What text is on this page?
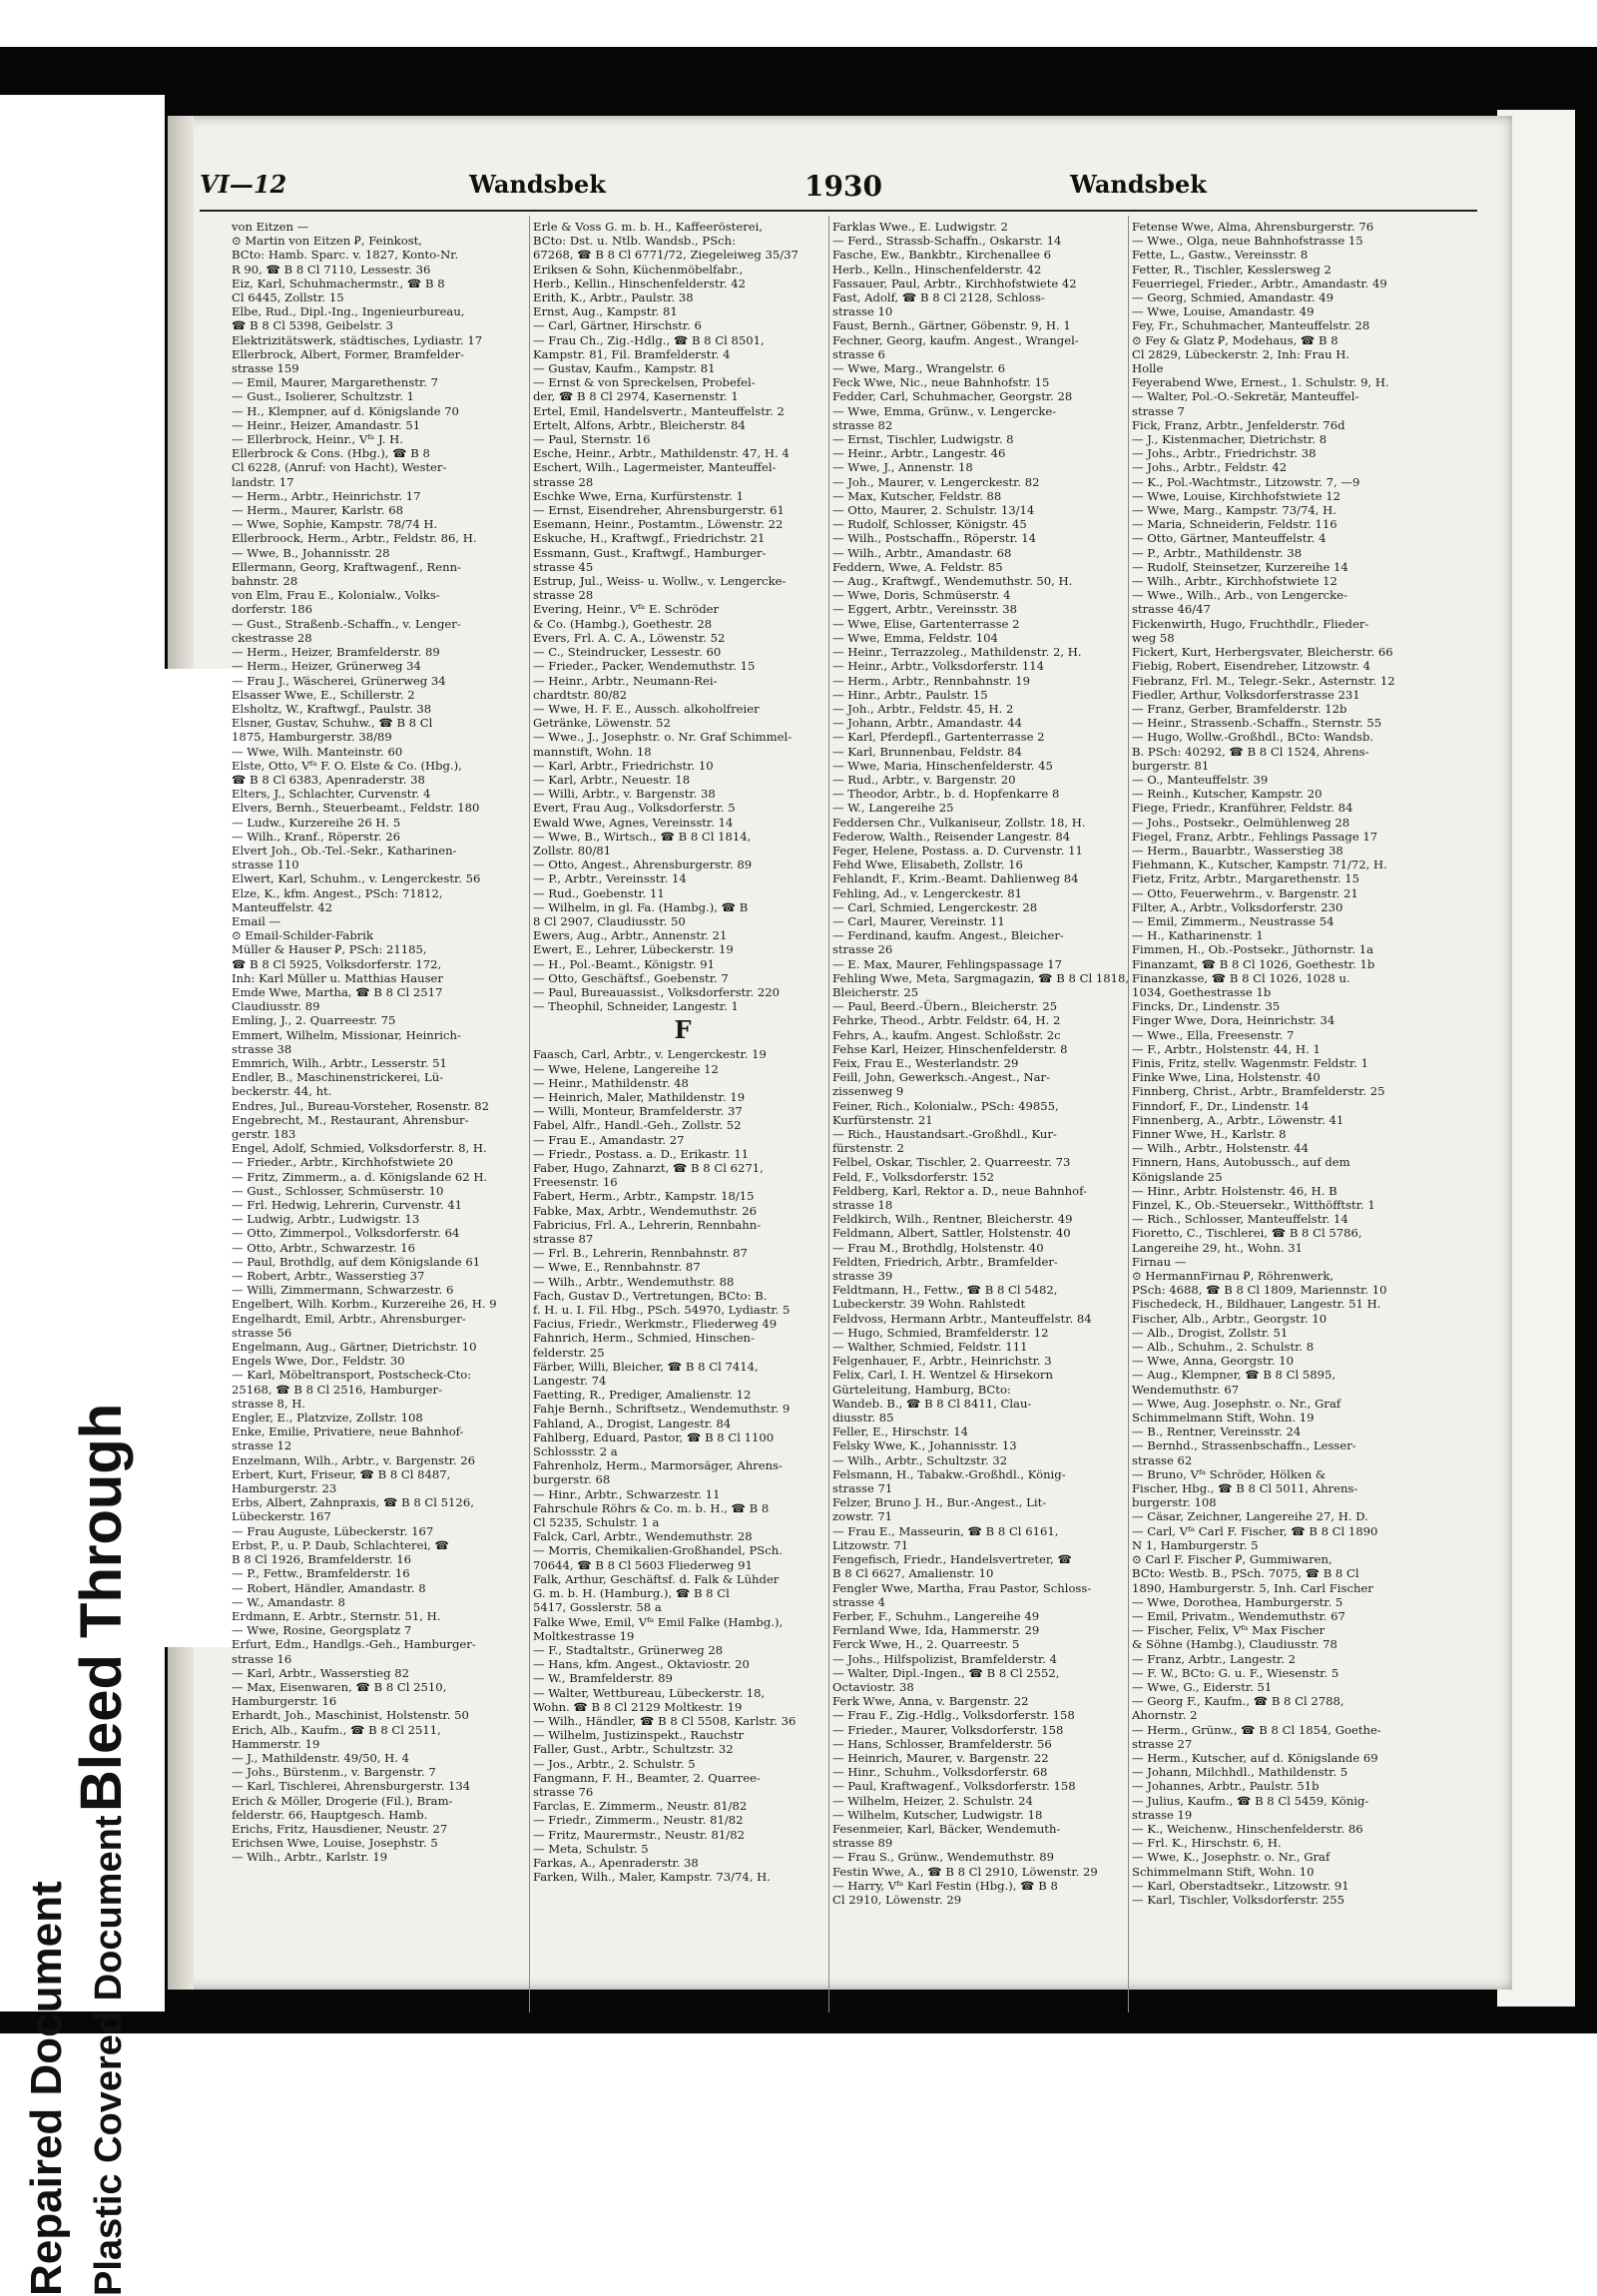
Repaired Document Plastic Covered Document
Bleed Through
VI—12	Wandsbek	1930	Wandsbek
von Eitzen —
⊙ Martin von Eitzen Ꝑ, Feinkost,
BCto: Hamb. Sparc. v. 1827, Konto-Nr.
R 90, ☎ B 8 Cl 7110, Lessestr. 36
Eiz, Karl, Schuhmachermstr., ☎ B 8
Cl 6445, Zollstr. 15
Elbe, Rud., Dipl.-Ing., Ingenieurbureau,
☎ B 8 Cl 5398, Geibelstr. 3
Elektrizitätswerk, städtisches, Lydiastr. 17
Ellerbrock, Albert, Former, Bramfelder-
strasse 159
— Emil, Maurer, Margarethenstr. 7
— Gust., Isolierer, Schultzstr. 1
— H., Klempner, auf d. Königslande 70
— Heinr., Heizer, Amandastr. 51
— Ellerbrock, Heinr., Vᶠᵃ J. H.
Ellerbrock & Cons. (Hbg.), ☎ B 8
Cl 6228, (Anruf: von Hacht), Wester-
landstr. 17
— Herm., Arbtr., Heinrichstr. 17
— Herm., Maurer, Karlstr. 68
— Wwe, Sophie, Kampstr. 78/74 H.
Ellerbroock, Herm., Arbtr., Feldstr. 86, H.
— Wwe, B., Johannisstr. 28
Ellermann, Georg, Kraftwagenf., Renn-
bahnstr. 28
von Elm, Frau E., Kolonialw., Volks-
dorferstr. 186
— Gust., Straßenb.-Schaffn., v. Lenger-
ckestrasse 28
— Herm., Heizer, Bramfelderstr. 89
— Herm., Heizer, Grünerweg 34
— Frau J., Wäscherei, Grünerweg 34
Elsasser Wwe, E., Schillerstr. 2
Elsholtz, W., Kraftwgf., Paulstr. 38
Elsner, Gustav, Schuhw., ☎ B 8 Cl
1875, Hamburgerstr. 38/89
— Wwe, Wilh. Manteinstr. 60
Elste, Otto, Vᶠᵃ F. O. Elste & Co. (Hbg.),
☎ B 8 Cl 6383, Apenraderstr. 38
Elters, J., Schlachter, Curvenstr. 4
Elvers, Bernh., Steuerbeamt., Feldstr. 180
— Ludw., Kurzereihe 26 H. 5
— Wilh., Kranf., Röperstr. 26
Elvert Joh., Ob.-Tel.-Sekr., Katharinen-
strasse 110
Elwert, Karl, Schuhm., v. Lengerckestr. 56
Elze, K., kfm. Angest., PSch: 71812,
Manteuffelstr. 42
Email —
⊙ Email-Schilder-Fabrik
Müller & Hauser Ꝑ, PSch: 21185,
☎ B 8 Cl 5925, Volksdorferstr. 172,
Inh: Karl Müller u. Matthias Hauser
Emde Wwe, Martha, ☎ B 8 Cl 2517
Claudiusstr. 89
Emling, J., 2. Quarreestr. 75
Emmert, Wilhelm, Missionar, Heinrich-
strasse 38
Emmrich, Wilh., Arbtr., Lesserstr. 51
Endler, B., Maschinenstrickerei, Lü-
beckerstr. 44, ht.
Endres, Jul., Bureau-Vorsteher, Rosenstr. 82
Engebrecht, M., Restaurant, Ahrensbur-
gerstr. 183
Engel, Adolf, Schmied, Volksdorferstr. 8, H.
— Frieder., Arbtr., Kirchhofstwiete 20
— Fritz, Zimmerm., a. d. Königslande 62 H.
— Gust., Schlosser, Schmüserstr. 10
— Frl. Hedwig, Lehrerin, Curvenstr. 41
— Ludwig, Arbtr., Ludwigstr. 13
— Otto, Zimmerpol., Volksdorferstr. 64
— Otto, Arbtr., Schwarzestr. 16
— Paul, Brothdlg, auf dem Königslande 61
— Robert, Arbtr., Wasserstieg 37
— Willi, Zimmermann, Schwarzestr. 6
Engelbert, Wilh. Korbm., Kurzereihe 26, H. 9
Engelhardt, Emil, Arbtr., Ahrensburger-
strasse 56
Engelmann, Aug., Gärtner, Dietrichstr. 10
Engels Wwe, Dor., Feldstr. 30
— Karl, Möbeltransport, Postscheck-Cto:
25168, ☎ B 8 Cl 2516, Hamburger-
strasse 8, H.
Engler, E., Platzvize, Zollstr. 108
Enke, Emilie, Privatiere, neue Bahnhof-
strasse 12
Enzelmann, Wilh., Arbtr., v. Bargenstr. 26
Erbert, Kurt, Friseur, ☎ B 8 Cl 8487,
Hamburgerstr. 23
Erbs, Albert, Zahnpraxis, ☎ B 8 Cl 5126,
Lübeckerstr. 167
— Frau Auguste, Lübeckerstr. 167
Erbst, P., u. P. Daub, Schlachterei, ☎
B 8 Cl 1926, Bramfelderstr. 16
— P., Fettw., Bramfelderstr. 16
— Robert, Händler, Amandastr. 8
— W., Amandastr. 8
Erdmann, E. Arbtr., Sternstr. 51, H.
— Wwe, Rosine, Georgsplatz 7
Erfurt, Edm., Handlgs.-Geh., Hamburger-
strasse 16
— Karl, Arbtr., Wasserstieg 82
— Max, Eisenwaren, ☎ B 8 Cl 2510,
Hamburgerstr. 16
Erhardt, Joh., Maschinist, Holstenstr. 50
Erich, Alb., Kaufm., ☎ B 8 Cl 2511,
Hammerstr. 19
— J., Mathildenstr. 49/50, H. 4
— Johs., Bürstenm., v. Bargenstr. 7
— Karl, Tischlerei, Ahrensburgerstr. 134
Erich & Möller, Drogerie (Fil.), Bram-
felderstr. 66, Hauptgesch. Hamb.
Erichs, Fritz, Hausdiener, Neustr. 27
Erichsen Wwe, Louise, Josephstr. 5
— Wilh., Arbtr., Karlstr. 19
Erle & Voss G. m. b. H., Kaffeerösterei,
BCto: Dst. u. Ntlb. Wandsb., PSch:
67268, ☎ B 8 Cl 6771/72, Ziegeleiweg 35/37
Eriksen & Sohn, Küchenmöbelfabr.,
Herb., Kellin., Hinschenfelderstr. 42
Erith, K., Arbtr., Paulstr. 38
Ernst, Aug., Kampstr. 81
— Carl, Gärtner, Hirschstr. 6
— Frau Ch., Zig.-Hdlg., ☎ B 8 Cl 8501,
Kampstr. 81, Fil. Bramfelderstr. 4
— Gustav, Kaufm., Kampstr. 81
— Ernst & von Spreckelsen, Probefel-
der, ☎ B 8 Cl 2974, Kasernenstr. 1
Ertel, Emil, Handelsvertr., Manteuffelstr. 2
Ertelt, Alfons, Arbtr., Bleicherstr. 84
— Paul, Sternstr. 16
Esche, Heinr., Arbtr., Mathildenstr. 47, H. 4
Eschert, Wilh., Lagermeister, Manteuffel-
strasse 28
Eschke Wwe, Erna, Kurfürstenstr. 1
— Ernst, Eisendreher, Ahrensburgerstr. 61
Esemann, Heinr., Postamtm., Löwenstr. 22
Eskuche, H., Kraftwgf., Friedrichstr. 21
Essmann, Gust., Kraftwgf., Hamburger-
strasse 45
Estrup, Jul., Weiss- u. Wollw., v. Lengercke-
strasse 28
Evering, Heinr., Vᶠᵃ E. Schröder
& Co. (Hambg.), Goethestr. 28
Evers, Frl. A. C. A., Löwenstr. 52
— C., Steindrucker, Lessestr. 60
— Frieder., Packer, Wendemuthstr. 15
— Heinr., Arbtr., Neumann-Rei-
chardtstr. 80/82
— Wwe, H. F. E., Aussch. alkoholfreier
Getränke, Löwenstr. 52
— Wwe., J., Josephstr. o. Nr. Graf Schimmel-
mannstift, Wohn. 18
— Karl, Arbtr., Friedrichstr. 10
— Karl, Arbtr., Neuestr. 18
— Willi, Arbtr., v. Bargenstr. 38
Evert, Frau Aug., Volksdorferstr. 5
Ewald Wwe, Agnes, Vereinsstr. 14
— Wwe, B., Wirtsch., ☎ B 8 Cl 1814,
Zollstr. 80/81
— Otto, Angest., Ahrensburgerstr. 89
— P., Arbtr., Vereinsstr. 14
— Rud., Goebenstr. 11
— Wilhelm, in gl. Fa. (Hambg.), ☎ B
8 Cl 2907, Claudiusstr. 50
Ewers, Aug., Arbtr., Annenstr. 21
Ewert, E., Lehrer, Lübeckerstr. 19
— H., Pol.-Beamt., Königstr. 91
— Otto, Geschäftsf., Goebenstr. 7
— Paul, Bureauassist., Volksdorferstr. 220
— Theophil, Schneider, Langestr. 1
F
Faasch, Carl, Arbtr., v. Lengerckestr. 19
— Wwe, Helene, Langereihe 12
— Heinr., Mathildenstr. 48
— Heinrich, Maler, Mathildenstr. 19
— Willi, Monteur, Bramfelderstr. 37
Fabel, Alfr., Handl.-Geh., Zollstr. 52
— Frau E., Amandastr. 27
— Friedr., Postass. a. D., Erikastr. 11
Faber, Hugo, Zahnarzt, ☎ B 8 Cl 6271,
Freesenstr. 16
Fabert, Herm., Arbtr., Kampstr. 18/15
Fabke, Max, Arbtr., Wendemuthstr. 26
Fabricius, Frl. A., Lehrerin, Rennbahn-
strasse 87
— Frl. B., Lehrerin, Rennbahnstr. 87
— Wwe, E., Rennbahnstr. 87
— Wilh., Arbtr., Wendemuthstr. 88
Fach, Gustav D., Vertretungen, BCto: B.
f. H. u. I. Fil. Hbg., PSch. 54970, Lydiastr. 5
Facius, Friedr., Werkmstr., Fliederweg 49
Fahnrich, Herm., Schmied, Hinschen-
felderstr. 25
Färber, Willi, Bleicher, ☎ B 8 Cl 7414,
Langestr. 74
Faetting, R., Prediger, Amalienstr. 12
Fahje Bernh., Schriftsetz., Wendemuthstr. 9
Fahland, A., Drogist, Langestr. 84
Fahlberg, Eduard, Pastor, ☎ B 8 Cl 1100
Schlossstr. 2 a
Fahrenholz, Herm., Marmorsäger, Ahrens-
burgerstr. 68
— Hinr., Arbtr., Schwarzestr. 11
Fahrschule Röhrs & Co. m. b. H., ☎ B 8
Cl 5235, Schulstr. 1 a
Falck, Carl, Arbtr., Wendemuthstr. 28
— Morris, Chemikalien-Großhandel, PSch.
70644, ☎ B 8 Cl 5603 Fliederweg 91
Falk, Arthur, Geschäftsf. d. Falk & Lühder
G. m. b. H. (Hamburg.), ☎ B 8 Cl
5417, Gosslerstr. 58 a
Falke Wwe, Emil, Vᶠᵃ Emil Falke (Hambg.),
Moltkestrasse 19
— F., Stadtaltstr., Grünerweg 28
— Hans, kfm. Angest., Oktaviostr. 20
— W., Bramfelderstr. 89
— Walter, Wettbureau, Lübeckerstr. 18,
Wohn. ☎ B 8 Cl 2129 Moltkestr. 19
— Wilh., Händler, ☎ B 8 Cl 5508, Karlstr. 36
— Wilhelm, Justizinspekt., Rauchstr
Faller, Gust., Arbtr., Schultzstr. 32
— Jos., Arbtr., 2. Schulstr. 5
Fangmann, F. H., Beamter, 2. Quarree-
strasse 76
Farclas, E. Zimmerm., Neustr. 81/82
— Friedr., Zimmerm., Neustr. 81/82
— Fritz, Maurermstr., Neustr. 81/82
— Meta, Schulstr. 5
Farkas, A., Apenraderstr. 38
Farken, Wilh., Maler, Kampstr. 73/74, H.
Farklas Wwe., E. Ludwigstr. 2
— Ferd., Strassb-Schaffn., Oskarstr. 14
Fasche, Ew., Bankbtr., Kirchenallee 6
Herb., Kelln., Hinschenfelderstr. 42
Fassauer, Paul, Arbtr., Kirchhofstwiete 42
Fast, Adolf, ☎ B 8 Cl 2128, Schloss-
strasse 10
Faust, Bernh., Gärtner, Göbenstr. 9, H. 1
Fechner, Georg, kaufm. Angest., Wrangel-
strasse 6
— Wwe, Marg., Wrangelstr. 6
Feck Wwe, Nic., neue Bahnhofstr. 15
Fedder, Carl, Schuhmacher, Georgstr. 28
— Wwe, Emma, Grünw., v. Lengercke-
strasse 82
— Ernst, Tischler, Ludwigstr. 8
— Heinr., Arbtr., Langestr. 46
— Wwe, J., Annenstr. 18
— Joh., Maurer, v. Lengerckestr. 82
— Max, Kutscher, Feldstr. 88
— Otto, Maurer, 2. Schulstr. 13/14
— Rudolf, Schlosser, Königstr. 45
— Wilh., Postschaffn., Röperstr. 14
— Wilh., Arbtr., Amandastr. 68
Feddern, Wwe, A. Feldstr. 85
— Aug., Kraftwgf., Wendemuthstr. 50, H.
— Wwe, Doris, Schmüserstr. 4
— Eggert, Arbtr., Vereinsstr. 38
— Wwe, Elise, Gartenterrasse 2
— Wwe, Emma, Feldstr. 104
— Heinr., Terrazzoleg., Mathildenstr. 2, H.
— Heinr., Arbtr., Volksdorferstr. 114
— Herm., Arbtr., Rennbahnstr. 19
— Hinr., Arbtr., Paulstr. 15
— Joh., Arbtr., Feldstr. 45, H. 2
— Johann, Arbtr., Amandastr. 44
— Karl, Pferdepfl., Gartenterrasse 2
— Karl, Brunnenbau, Feldstr. 84
— Wwe, Maria, Hinschenfelderstr. 45
— Rud., Arbtr., v. Bargenstr. 20
— Theodor, Arbtr., b. d. Hopfenkarre 8
— W., Langereihe 25
Feddersen Chr., Vulkaniseur, Zollstr. 18, H.
Federow, Walth., Reisender Langestr. 84
Feger, Helene, Postass. a. D. Curvenstr. 11
Fehd Wwe, Elisabeth, Zollstr. 16
Fehlandt, F., Krim.-Beamt. Dahlienweg 84
Fehling, Ad., v. Lengerckestr. 81
— Carl, Schmied, Lengerckestr. 28
— Carl, Maurer, Vereinstr. 11
— Ferdinand, kaufm. Angest., Bleicher-
strasse 26
— E. Max, Maurer, Fehlingspassage 17
Fehling Wwe, Meta, Sargmagazin, ☎ B 8 Cl 1818,
Bleicherstr. 25
— Paul, Beerd.-Übern., Bleicherstr. 25
Fehrke, Theod., Arbtr. Feldstr. 64, H. 2
Fehrs, A., kaufm. Angest. Schloßstr. 2c
Fehse Karl, Heizer, Hinschenfelderstr. 8
Feix, Frau E., Westerlandstr. 29
Feill, John, Gewerksch.-Angest., Nar-
zissenweg 9
Feiner, Rich., Kolonialw., PSch: 49855,
Kurfürstenstr. 21
— Rich., Haustandsart.-Großhdl., Kur-
fürstenstr. 2
Felbel, Oskar, Tischler, 2. Quarreestr. 73
Feld, F., Volksdorferstr. 152
Feldberg, Karl, Rektor a. D., neue Bahnhof-
strasse 18
Feldkirch, Wilh., Rentner, Bleicherstr. 49
Feldmann, Albert, Sattler, Holstenstr. 40
— Frau M., Brothdlg, Holstenstr. 40
Feldten, Friedrich, Arbtr., Bramfelder-
strasse 39
Feldtmann, H., Fettw., ☎ B 8 Cl 5482,
Lubeckerstr. 39 Wohn. Rahlstedt
Feldvoss, Hermann Arbtr., Manteuffelstr. 84
— Hugo, Schmied, Bramfelderstr. 12
— Walther, Schmied, Feldstr. 111
Felgenhauer, F., Arbtr., Heinrichstr. 3
Felix, Carl, I. H. Wentzel & Hirsekorn
Gürteleitung, Hamburg, BCto:
Wandeb. B., ☎ B 8 Cl 8411, Clau-
diusstr. 85
Feller, E., Hirschstr. 14
Felsky Wwe, K., Johannisstr. 13
— Wilh., Arbtr., Schultzstr. 32
Felsmann, H., Tabakw.-Großhdl., König-
strasse 71
Felzer, Bruno J. H., Bur.-Angest., Lit-
zowstr. 71
— Frau E., Masseurin, ☎ B 8 Cl 6161,
Litzowstr. 71
Fengefisch, Friedr., Handelsvertreter, ☎
B 8 Cl 6627, Amalienstr. 10
Fengler Wwe, Martha, Frau Pastor, Schloss-
strasse 4
Ferber, F., Schuhm., Langereihe 49
Fernland Wwe, Ida, Hammerstr. 29
Ferck Wwe, H., 2. Quarreestr. 5
— Johs., Hilfspolizist, Bramfelderstr. 4
— Walter, Dipl.-Ingen., ☎ B 8 Cl 2552,
Octaviostr. 38
Ferk Wwe, Anna, v. Bargenstr. 22
— Frau F., Zig.-Hdlg., Volksdorferstr. 158
— Frieder., Maurer, Volksdorferstr. 158
— Hans, Schlosser, Bramfelderstr. 56
— Heinrich, Maurer, v. Bargenstr. 22
— Hinr., Schuhm., Volksdorferstr. 68
— Paul, Kraftwagenf., Volksdorferstr. 158
— Wilhelm, Heizer, 2. Schulstr. 24
— Wilhelm, Kutscher, Ludwigstr. 18
Fesenmeier, Karl, Bäcker, Wendemuth-
strasse 89
— Frau S., Grünw., Wendemuthstr. 89
Festin Wwe, A., ☎ B 8 Cl 2910, Löwenstr. 29
— Harry, Vᶠᵃ Karl Festin (Hbg.), ☎ B 8
Cl 2910, Löwenstr. 29
Fetense Wwe, Alma, Ahrensburgerstr. 76
— Wwe., Olga, neue Bahnhofstrasse 15
Fette, L., Gastw., Vereinsstr. 8
Fetter, R., Tischler, Kesslersweg 2
Feuerriegel, Frieder., Arbtr., Amandastr. 49
— Georg, Schmied, Amandastr. 49
— Wwe, Louise, Amandastr. 49
Fey, Fr., Schuhmacher, Manteuffelstr. 28
⊙ Fey & Glatz Ꝑ, Modehaus, ☎ B 8
Cl 2829, Lübeckerstr. 2, Inh: Frau H.
Holle
Feyerabend Wwe, Ernest., 1. Schulstr. 9, H.
— Walter, Pol.-O.-Sekretär, Manteuffel-
strasse 7
Fick, Franz, Arbtr., Jenfelderstr. 76d
— J., Kistenmacher, Dietrichstr. 8
— Johs., Arbtr., Friedrichstr. 38
— Johs., Arbtr., Feldstr. 42
— K., Pol.-Wachtmstr., Litzowstr. 7, —9
— Wwe, Louise, Kirchhofstwiete 12
— Wwe, Marg., Kampstr. 73/74, H.
— Maria, Schneiderin, Feldstr. 116
— Otto, Gärtner, Manteuffelstr. 4
— P., Arbtr., Mathildenstr. 38
— Rudolf, Steinsetzer, Kurzereihe 14
— Wilh., Arbtr., Kirchhofstwiete 12
— Wwe., Wilh., Arb., von Lengercke-
strasse 46/47
Fickenwirth, Hugo, Fruchthdlr., Flieder-
weg 58
Fickert, Kurt, Herbergsvater, Bleicherstr. 66
Fiebig, Robert, Eisendreher, Litzowstr. 4
Fiebranz, Frl. M., Telegr.-Sekr., Asternstr. 12
Fiedler, Arthur, Volksdorferstrasse 231
— Franz, Gerber, Bramfelderstr. 12b
— Heinr., Strassenb.-Schaffn., Sternstr. 55
— Hugo, Wollw.-Großhdl., BCto: Wandsb.
B. PSch: 40292, ☎ B 8 Cl 1524, Ahrens-
burgerstr. 81
— O., Manteuffelstr. 39
— Reinh., Kutscher, Kampstr. 20
Fiege, Friedr., Kranführer, Feldstr. 84
— Johs., Postsekr., Oelmühlenweg 28
Fiegel, Franz, Arbtr., Fehlings Passage 17
— Herm., Bauarbtr., Wasserstieg 38
Fiehmann, K., Kutscher, Kampstr. 71/72, H.
Fietz, Fritz, Arbtr., Margarethenstr. 15
— Otto, Feuerwehrm., v. Bargenstr. 21
Filter, A., Arbtr., Volksdorferstr. 230
— Emil, Zimmerm., Neustrasse 54
— H., Katharinenstr. 1
Fimmen, H., Ob.-Postsekr., Jüthornstr. 1a
Finanzamt, ☎ B 8 Cl 1026, Goethestr. 1b
Finanzkasse, ☎ B 8 Cl 1026, 1028 u.
1034, Goethestrasse 1b
Fincks, Dr., Lindenstr. 35
Finger Wwe, Dora, Heinrichstr. 34
— Wwe., Ella, Freesenstr. 7
— F., Arbtr., Holstenstr. 44, H. 1
Finis, Fritz, stellv. Wagenmstr. Feldstr. 1
Finke Wwe, Lina, Holstenstr. 40
Finnberg, Christ., Arbtr., Bramfelderstr. 25
Finndorf, F., Dr., Lindenstr. 14
Finnenberg, A., Arbtr., Löwenstr. 41
Finner Wwe, H., Karlstr. 8
— Wilh., Arbtr., Holstenstr. 44
Finnern, Hans, Autobussch., auf dem
Königslande 25
— Hinr., Arbtr. Holstenstr. 46, H. B
Finzel, K., Ob.-Steuersekr., Witthöfftstr. 1
— Rich., Schlosser, Manteuffelstr. 14
Fioretto, C., Tischlerei, ☎ B 8 Cl 5786,
Langereihe 29, ht., Wohn. 31
Firnau —
⊙ HermannFirnau Ꝑ, Röhrenwerk,
PSch: 4688, ☎ B 8 Cl 1809, Mariennstr. 10
Fischedeck, H., Bildhauer, Langestr. 51 H.
Fischer, Alb., Arbtr., Georgstr. 10
— Alb., Drogist, Zollstr. 51
— Alb., Schuhm., 2. Schulstr. 8
— Wwe, Anna, Georgstr. 10
— Aug., Klempner, ☎ B 8 Cl 5895,
Wendemuthstr. 67
— Wwe, Aug. Josephstr. o. Nr., Graf
Schimmelmann Stift, Wohn. 19
— B., Rentner, Vereinsstr. 24
— Bernhd., Strassenbschaffn., Lesser-
strasse 62
— Bruno, Vᶠᵃ Schröder, Hölken &
Fischer, Hbg., ☎ B 8 Cl 5011, Ahrens-
burgerstr. 108
— Cäsar, Zeichner, Langereihe 27, H. D.
— Carl, Vᶠᵃ Carl F. Fischer, ☎ B 8 Cl 1890
N 1, Hamburgerstr. 5
⊙ Carl F. Fischer Ꝑ, Gummiwaren,
BCto: Westb. B., PSch. 7075, ☎ B 8 Cl
1890, Hamburgerstr. 5, Inh. Carl Fischer
— Wwe, Dorothea, Hamburgerstr. 5
— Emil, Privatm., Wendemuthstr. 67
— Fischer, Felix, Vᶠᵃ Max Fischer
& Söhne (Hambg.), Claudiusstr. 78
— Franz, Arbtr., Langestr. 2
— F. W., BCto: G. u. F., Wiesenstr. 5
— Wwe, G., Eiderstr. 51
— Georg F., Kaufm., ☎ B 8 Cl 2788,
Ahornstr. 2
— Herm., Grünw., ☎ B 8 Cl 1854, Goethe-
strasse 27
— Herm., Kutscher, auf d. Königslande 69
— Johann, Milchhdl., Mathildenstr. 5
— Johannes, Arbtr., Paulstr. 51b
— Julius, Kaufm., ☎ B 8 Cl 5459, König-
strasse 19
— K., Weichenw., Hinschenfelderstr. 86
— Frl. K., Hirschstr. 6, H.
— Wwe, K., Josephstr. o. Nr., Graf
Schimmelmann Stift, Wohn. 10
— Karl, Oberstadtsekr., Litzowstr. 91
— Karl, Tischler, Volksdorferstr. 255
